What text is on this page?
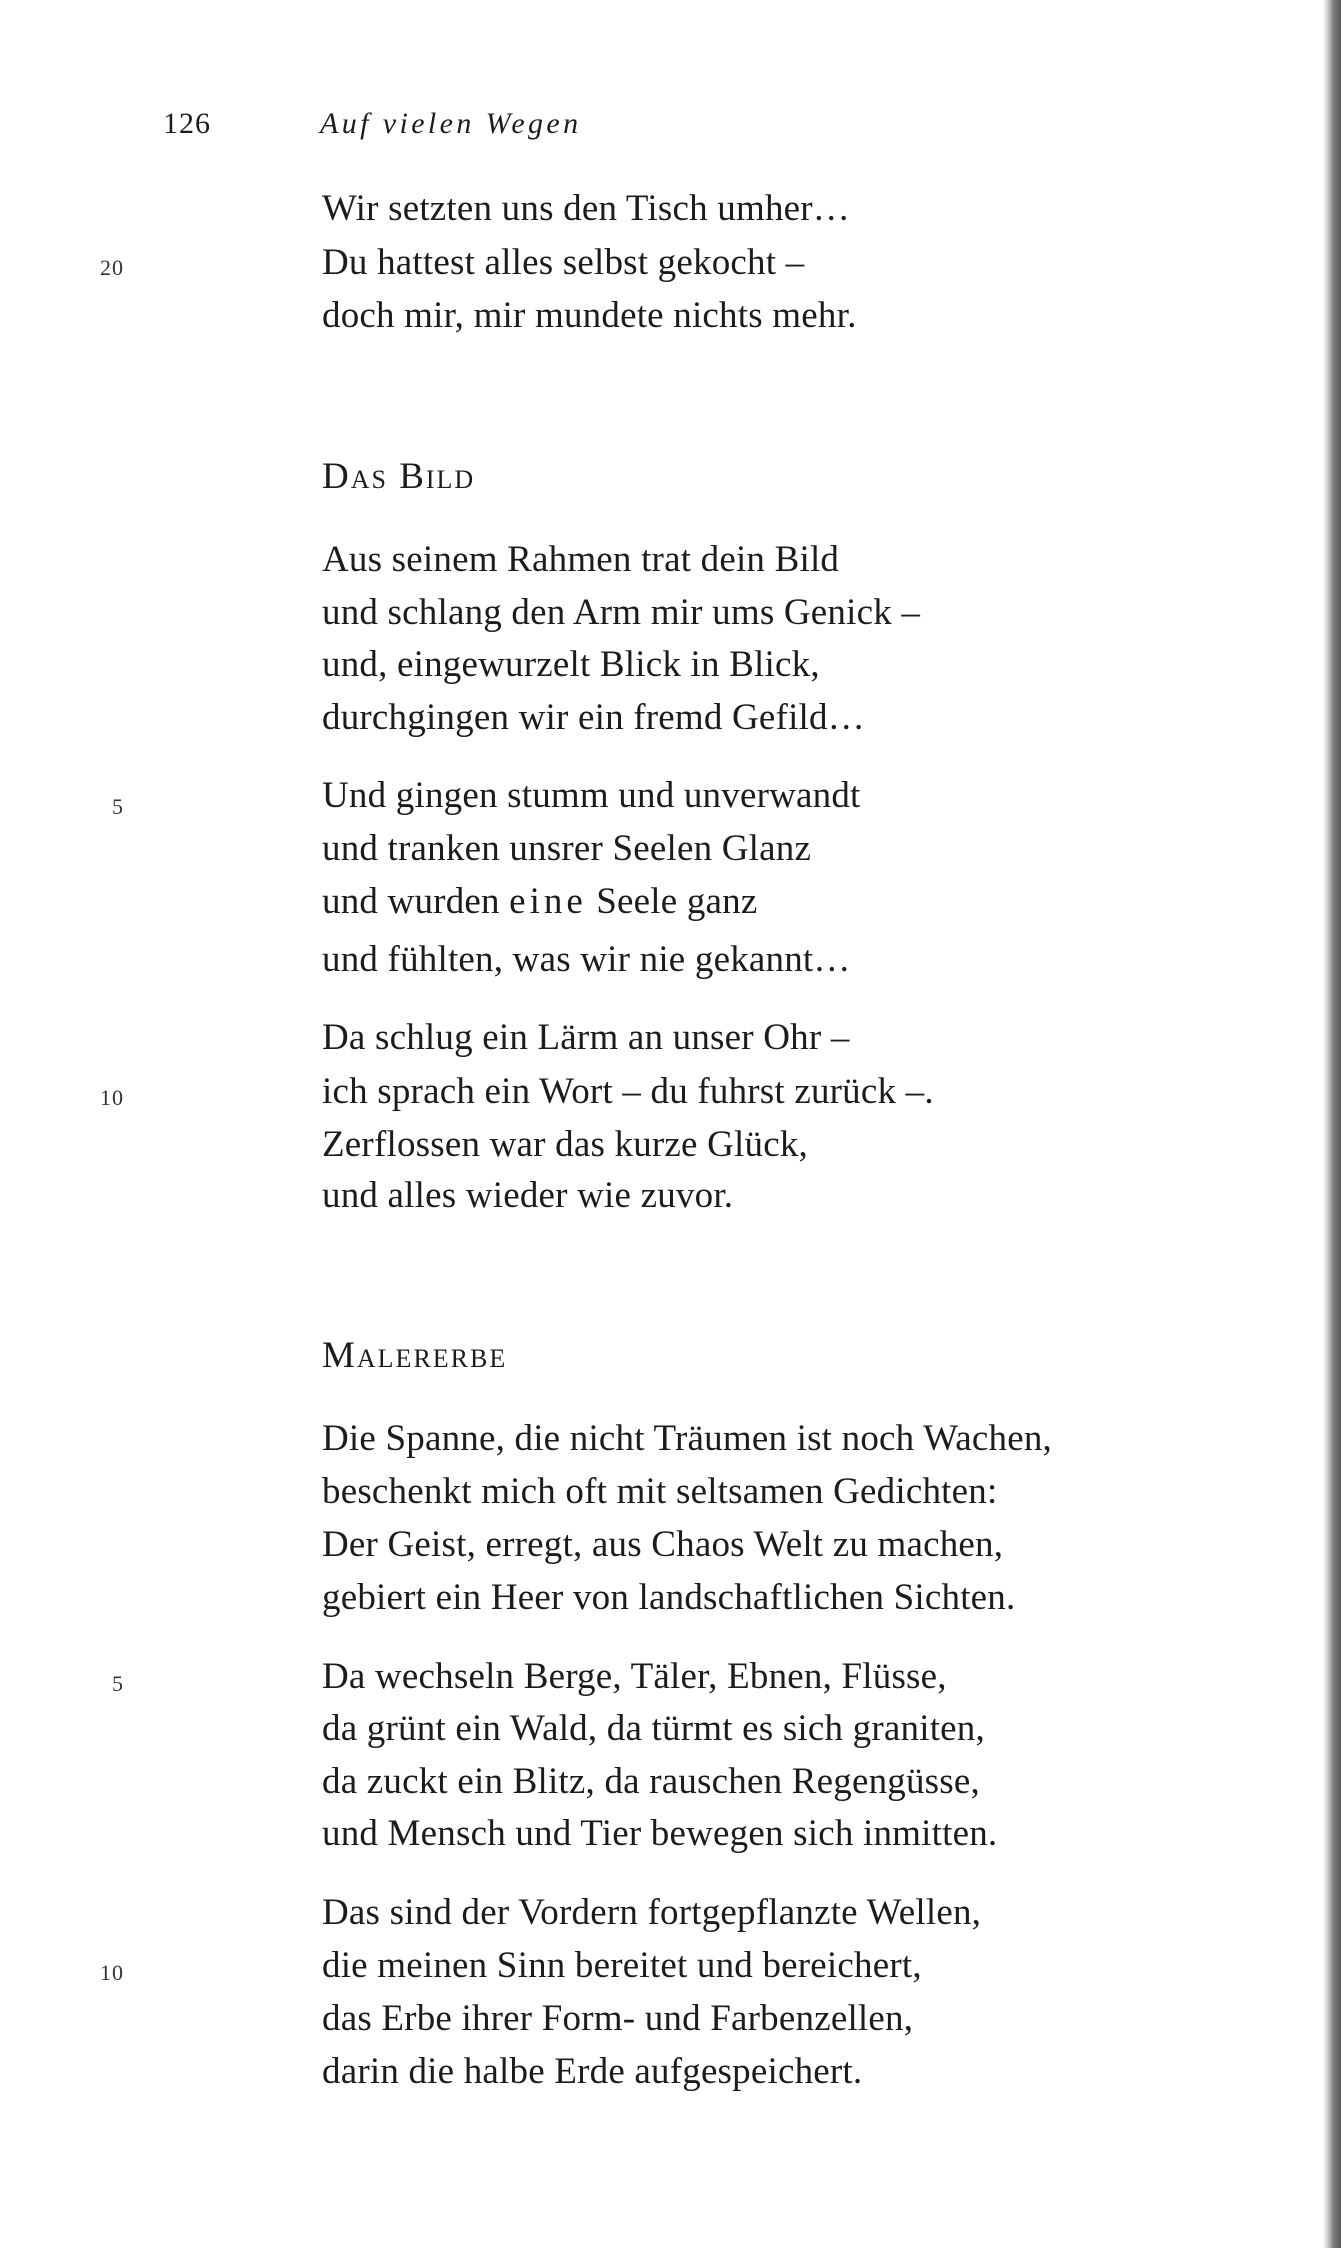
126	Auf vielen Wegen
20
Wir setzten uns den Tisch umher…
Du hattest alles selbst gekocht –
doch mir, mir mundete nichts mehr.
Das Bild
Aus seinem Rahmen trat dein Bild
und schlang den Arm mir ums Genick –
und, eingewurzelt Blick in Blick,
durchgingen wir ein fremd Gefild…
5	Und gingen stumm und unverwandt
und tranken unsrer Seelen Glanz
und wurden eine Seele ganz
und fühlten, was wir nie gekannt…
Da schlug ein Lärm an unser Ohr –
10	ich sprach ein Wort – du fuhrst zurück –.
Zerflossen war das kurze Glück,
und alles wieder wie zuvor.
Malererbe
Die Spanne, die nicht Träumen ist noch Wachen,
beschenkt mich oft mit seltsamen Gedichten:
Der Geist, erregt, aus Chaos Welt zu machen,
gebiert ein Heer von landschaftlichen Sichten.
5	Da wechseln Berge, Täler, Ebnen, Flüsse,
da grünt ein Wald, da türmt es sich graniten,
da zuckt ein Blitz, da rauschen Regengüsse,
und Mensch und Tier bewegen sich inmitten.
Das sind der Vordern fortgepflanzte Wellen,
10	die meinen Sinn bereitet und bereichert,
das Erbe ihrer Form- und Farbenzellen,
darin die halbe Erde aufgespeichert.
